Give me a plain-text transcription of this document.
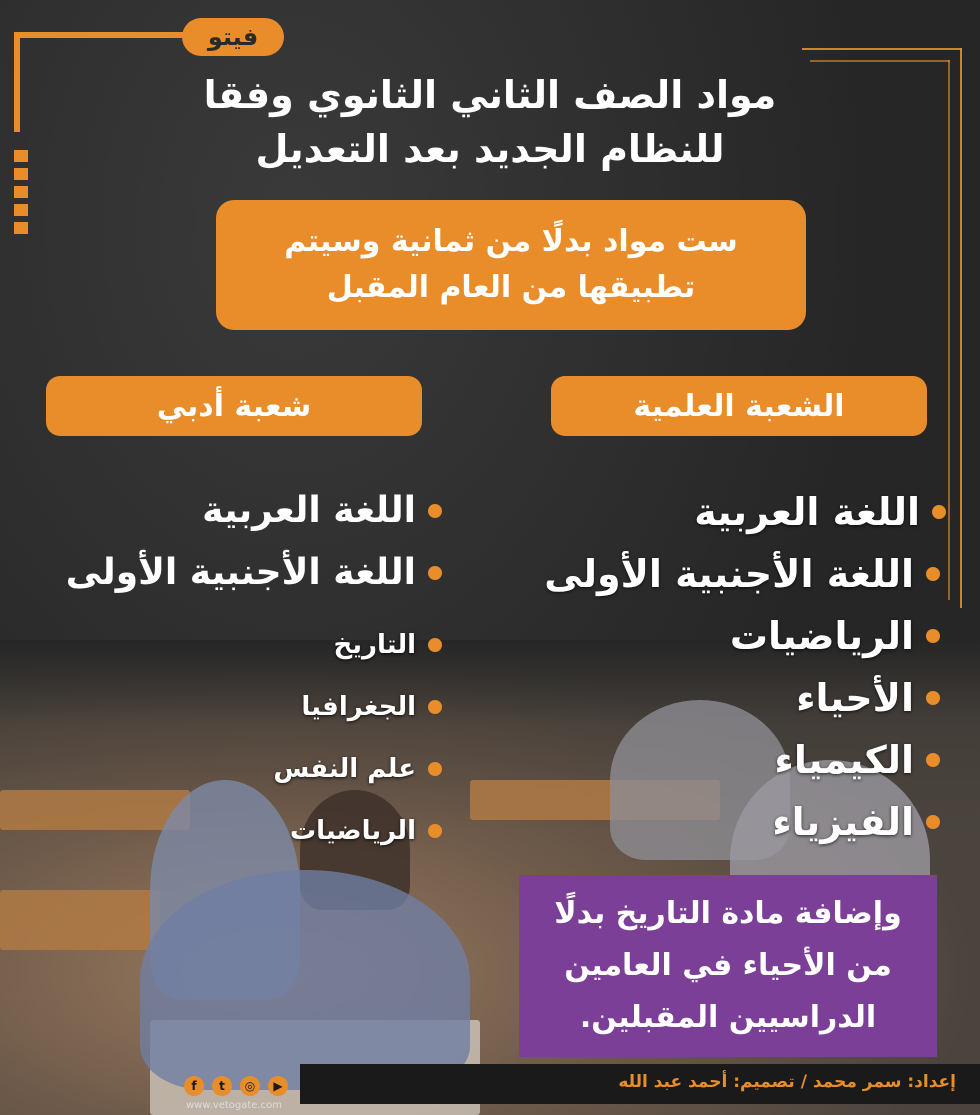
فيتو
مواد الصف الثاني الثانوي وفقا
للنظام الجديد بعد التعديل
ست مواد بدلًا من ثمانية وسيتم
تطبيقها من العام المقبل
الشعبة العلمية
شعبة أدبي
اللغة العربية
اللغة الأجنبية الأولى
الرياضيات
الأحياء
الكيمياء
الفيزياء
اللغة العربية
اللغة الأجنبية الأولى
التاريخ
الجغرافيا
علم النفس
الرياضيات
وإضافة مادة التاريخ بدلًا
من الأحياء في العامين
الدراسيين المقبلين.
إعداد: سمر محمد / تصميم: أحمد عبد الله
f	t	◎	▶
www.vetogate.com
